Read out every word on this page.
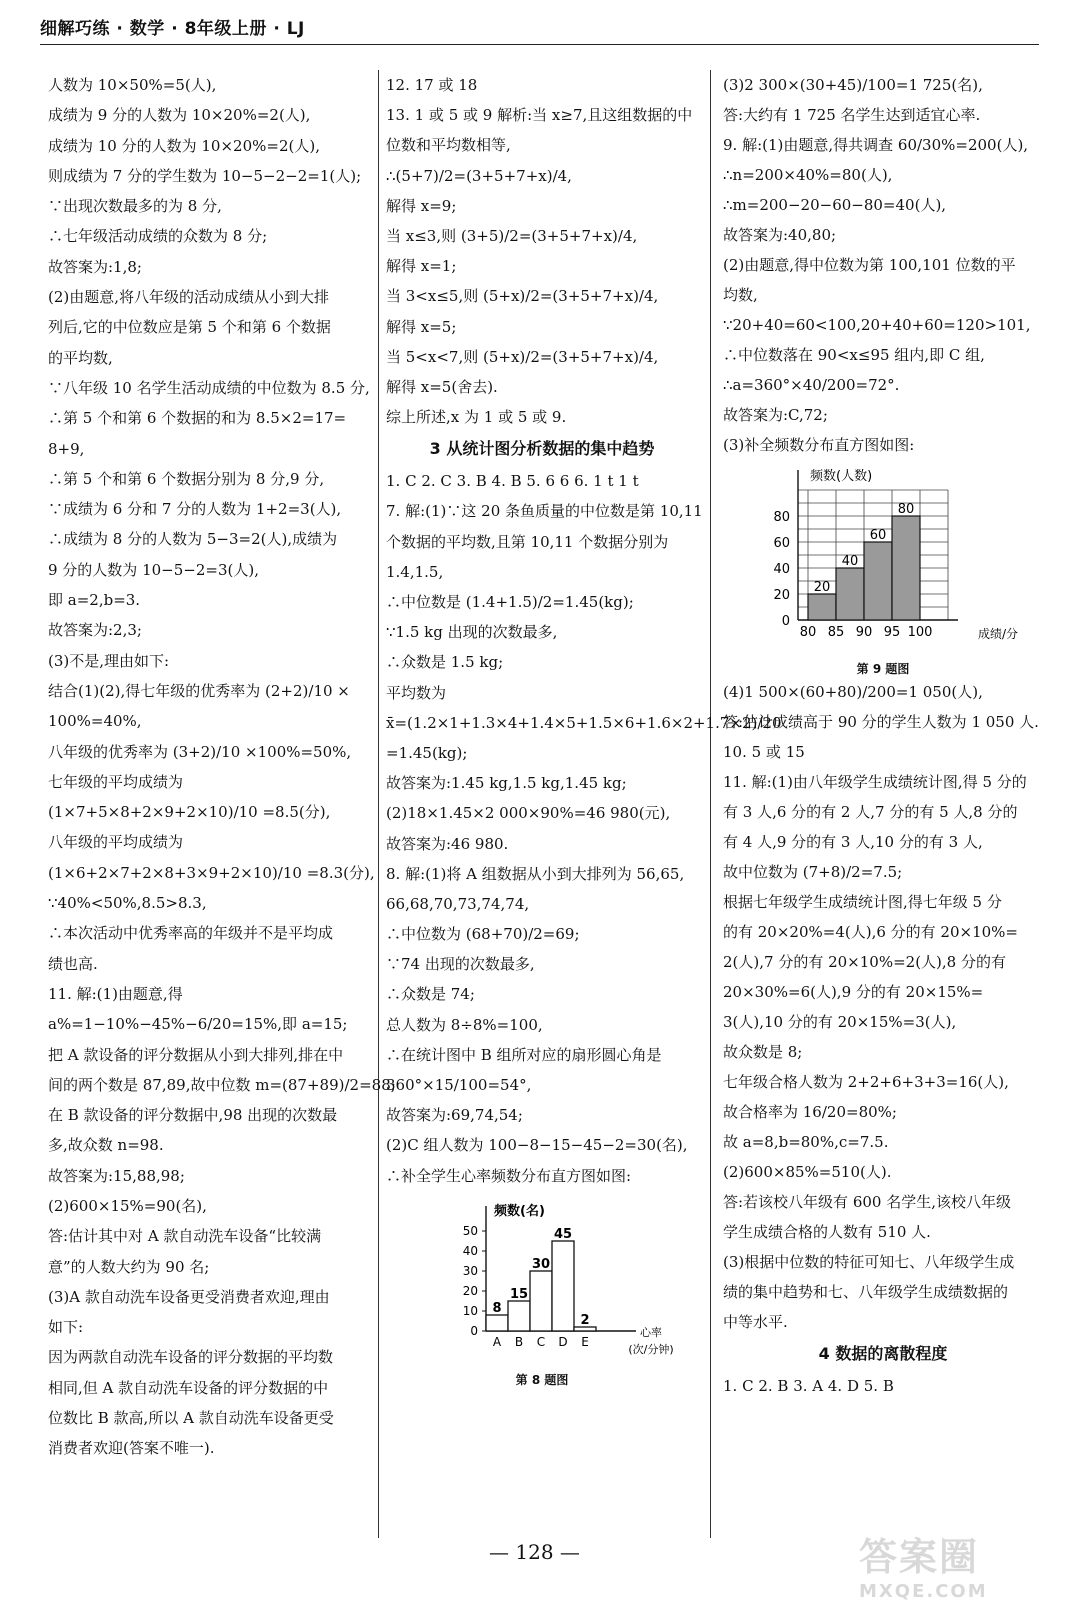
细解巧练 · 数学 · 8年级上册 · LJ
人数为 10×50%=5(人),
成绩为 9 分的人数为 10×20%=2(人),
成绩为 10 分的人数为 10×20%=2(人),
则成绩为 7 分的学生数为 10−5−2−2=1(人);
∵出现次数最多的为 8 分,
∴七年级活动成绩的众数为 8 分;
故答案为:1,8;
(2)由题意,将八年级的活动成绩从小到大排
列后,它的中位数应是第 5 个和第 6 个数据
的平均数,
∵八年级 10 名学生活动成绩的中位数为 8.5 分,
∴第 5 个和第 6 个数据的和为 8.5×2=17=
8+9,
∴第 5 个和第 6 个数据分别为 8 分,9 分,
∵成绩为 6 分和 7 分的人数为 1+2=3(人),
∴成绩为 8 分的人数为 5−3=2(人),成绩为
9 分的人数为 10−5−2=3(人),
即 a=2,b=3.
故答案为:2,3;
(3)不是,理由如下:
结合(1)(2),得七年级的优秀率为 (2+2)/10 ×
100%=40%,
八年级的优秀率为 (3+2)/10 ×100%=50%,
七年级的平均成绩为
(1×7+5×8+2×9+2×10)/10 =8.5(分),
八年级的平均成绩为
(1×6+2×7+2×8+3×9+2×10)/10 =8.3(分),
∵40%<50%,8.5>8.3,
∴本次活动中优秀率高的年级并不是平均成
绩也高.
11. 解:(1)由题意,得
a%=1−10%−45%−6/20=15%,即 a=15;
把 A 款设备的评分数据从小到大排列,排在中
间的两个数是 87,89,故中位数 m=(87+89)/2=88;
在 B 款设备的评分数据中,98 出现的次数最
多,故众数 n=98.
故答案为:15,88,98;
(2)600×15%=90(名),
答:估计其中对 A 款自动洗车设备“比较满
意”的人数大约为 90 名;
(3)A 款自动洗车设备更受消费者欢迎,理由
如下:
因为两款自动洗车设备的评分数据的平均数
相同,但 A 款自动洗车设备的评分数据的中
位数比 B 款高,所以 A 款自动洗车设备更受
消费者欢迎(答案不唯一).
12. 17 或 18
13. 1 或 5 或 9 解析:当 x≥7,且这组数据的中
位数和平均数相等,
∴(5+7)/2=(3+5+7+x)/4,
解得 x=9;
当 x≤3,则 (3+5)/2=(3+5+7+x)/4,
解得 x=1;
当 3<x≤5,则 (5+x)/2=(3+5+7+x)/4,
解得 x=5;
当 5<x<7,则 (5+x)/2=(3+5+7+x)/4,
解得 x=5(舍去).
综上所述,x 为 1 或 5 或 9.
3 从统计图分析数据的集中趋势
1. C 2. C 3. B 4. B 5. 6 6 6. 1 t 1 t
7. 解:(1)∵这 20 条鱼质量的中位数是第 10,11
个数据的平均数,且第 10,11 个数据分别为
1.4,1.5,
∴中位数是 (1.4+1.5)/2=1.45(kg);
∵1.5 kg 出现的次数最多,
∴众数是 1.5 kg;
平均数为
x̄=(1.2×1+1.3×4+1.4×5+1.5×6+1.6×2+1.7×2)/20
=1.45(kg);
故答案为:1.45 kg,1.5 kg,1.45 kg;
(2)18×1.45×2 000×90%=46 980(元),
故答案为:46 980.
8. 解:(1)将 A 组数据从小到大排列为 56,65,
66,68,70,73,74,74,
∴中位数为 (68+70)/2=69;
∵74 出现的次数最多,
∴众数是 74;
总人数为 8÷8%=100,
∴在统计图中 B 组所对应的扇形圆心角是
360°×15/100=54°,
故答案为:69,74,54;
(2)C 组人数为 100−8−15−45−2=30(名),
∴补全学生心率频数分布直方图如图:
频数(名)
0
10
20
30
40
50
8
A
15
B
30
C
45
D
2
E
心率
(次/分钟)
第 8 题图
(3)2 300×(30+45)/100=1 725(名),
答:大约有 1 725 名学生达到适宜心率.
9. 解:(1)由题意,得共调查 60/30%=200(人),
∴n=200×40%=80(人),
∴m=200−20−60−80=40(人),
故答案为:40,80;
(2)由题意,得中位数为第 100,101 位数的平
均数,
∵20+40=60<100,20+40+60=120>101,
∴中位数落在 90<x≤95 组内,即 C 组,
∴a=360°×40/200=72°.
故答案为:C,72;
(3)补全频数分布直方图如图:
频数(人数)
0
20
40
60
80
20
40
60
80
80 85 90 95 100	成绩/分
第 9 题图
(4)1 500×(60+80)/200=1 050(人),
答:估计成绩高于 90 分的学生人数为 1 050 人.
10. 5 或 15
11. 解:(1)由八年级学生成绩统计图,得 5 分的
有 3 人,6 分的有 2 人,7 分的有 5 人,8 分的
有 4 人,9 分的有 3 人,10 分的有 3 人,
故中位数为 (7+8)/2=7.5;
根据七年级学生成绩统计图,得七年级 5 分
的有 20×20%=4(人),6 分的有 20×10%=
2(人),7 分的有 20×10%=2(人),8 分的有
20×30%=6(人),9 分的有 20×15%=
3(人),10 分的有 20×15%=3(人),
故众数是 8;
七年级合格人数为 2+2+6+3+3=16(人),
故合格率为 16/20=80%;
故 a=8,b=80%,c=7.5.
(2)600×85%=510(人).
答:若该校八年级有 600 名学生,该校八年级
学生成绩合格的人数有 510 人.
(3)根据中位数的特征可知七、八年级学生成
绩的集中趋势和七、八年级学生成绩数据的
中等水平.
4 数据的离散程度
1. C 2. B 3. A 4. D 5. B
— 128 —	答案圈
MXQE.COM
